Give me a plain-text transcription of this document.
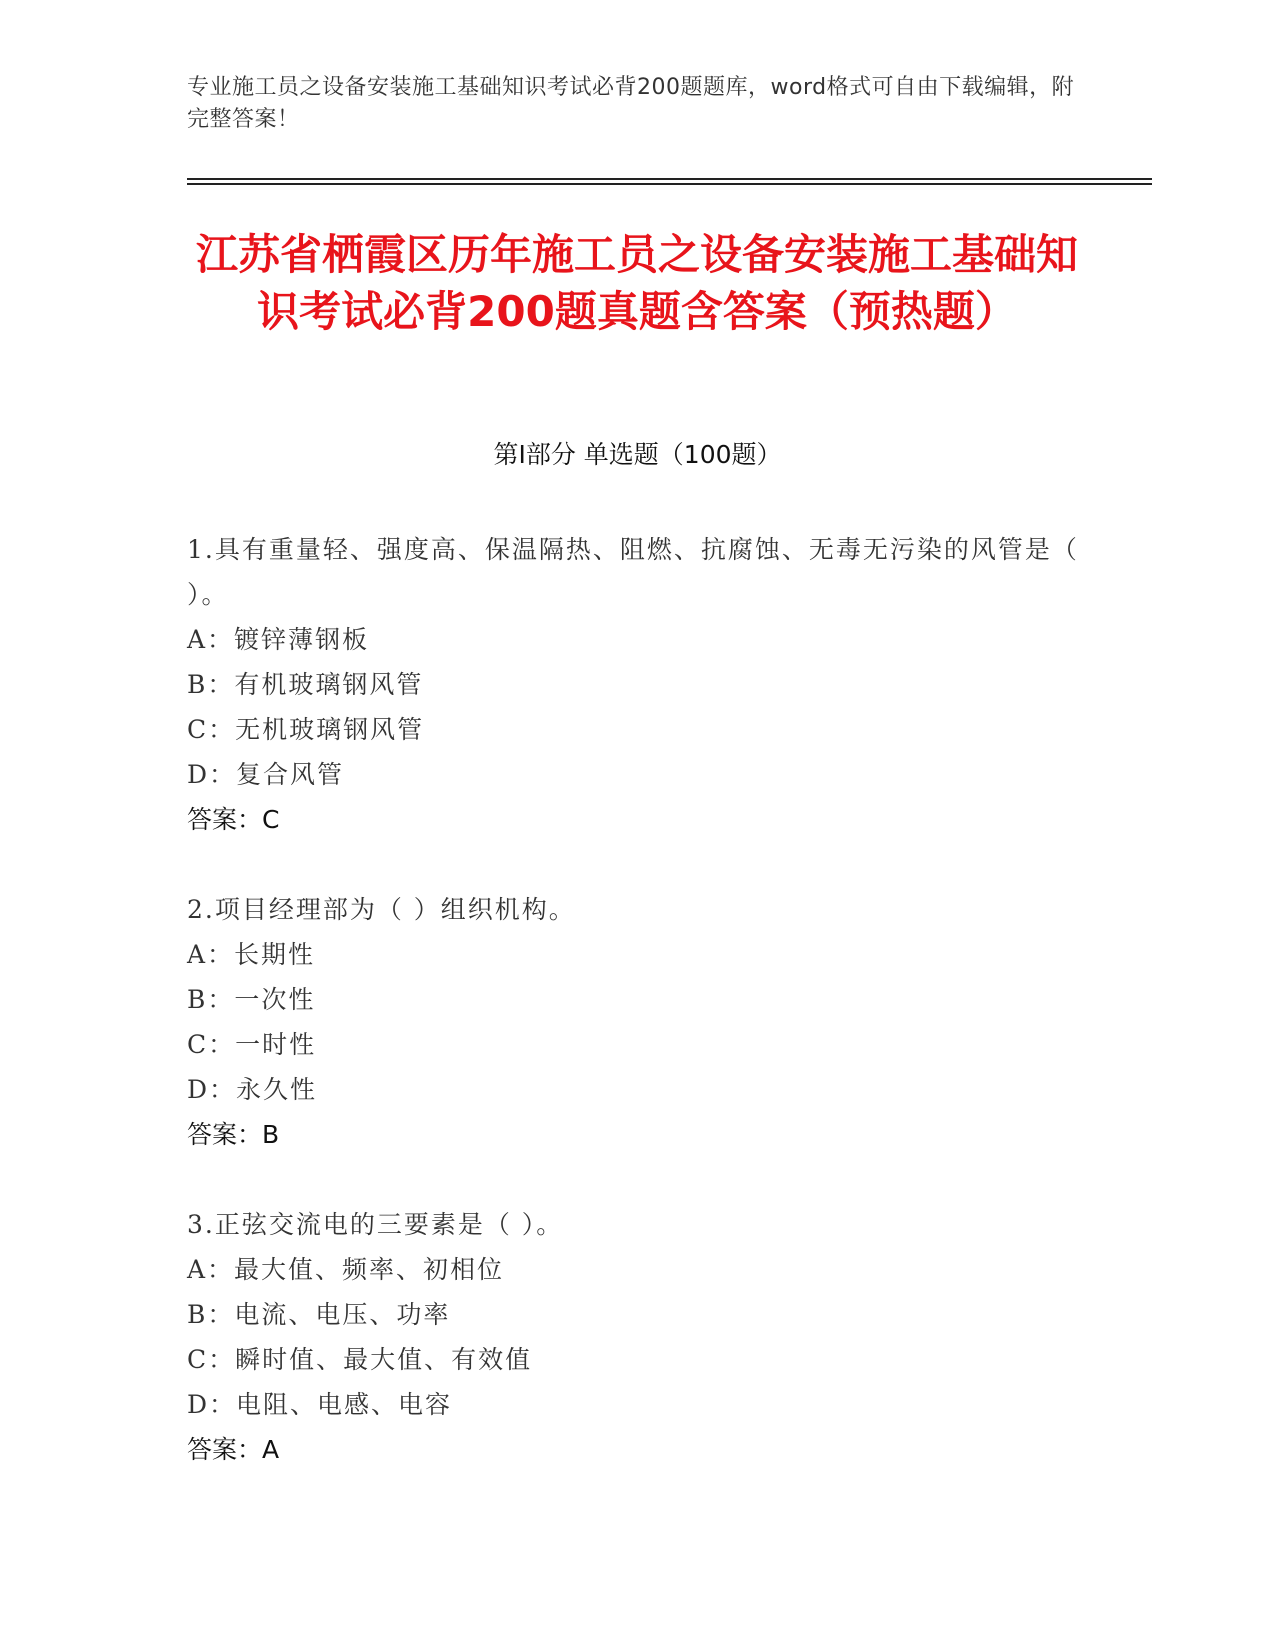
专业施工员之设备安装施工基础知识考试必背200题题库，word格式可自由下载编辑，附完整答案！
江苏省栖霞区历年施工员之设备安装施工基础知识考试必背200题真题含答案（预热题）
第I部分 单选题（100题）
1.具有重量轻、强度高、保温隔热、阻燃、抗腐蚀、无毒无污染的风管是（ ）。
A：镀锌薄钢板
B：有机玻璃钢风管
C：无机玻璃钢风管
D：复合风管
答案：C
2.项目经理部为（ ）组织机构。
A：长期性
B：一次性
C：一时性
D：永久性
答案：B
3.正弦交流电的三要素是（ ）。
A：最大值、频率、初相位
B：电流、电压、功率
C：瞬时值、最大值、有效值
D：电阻、电感、电容
答案：A
